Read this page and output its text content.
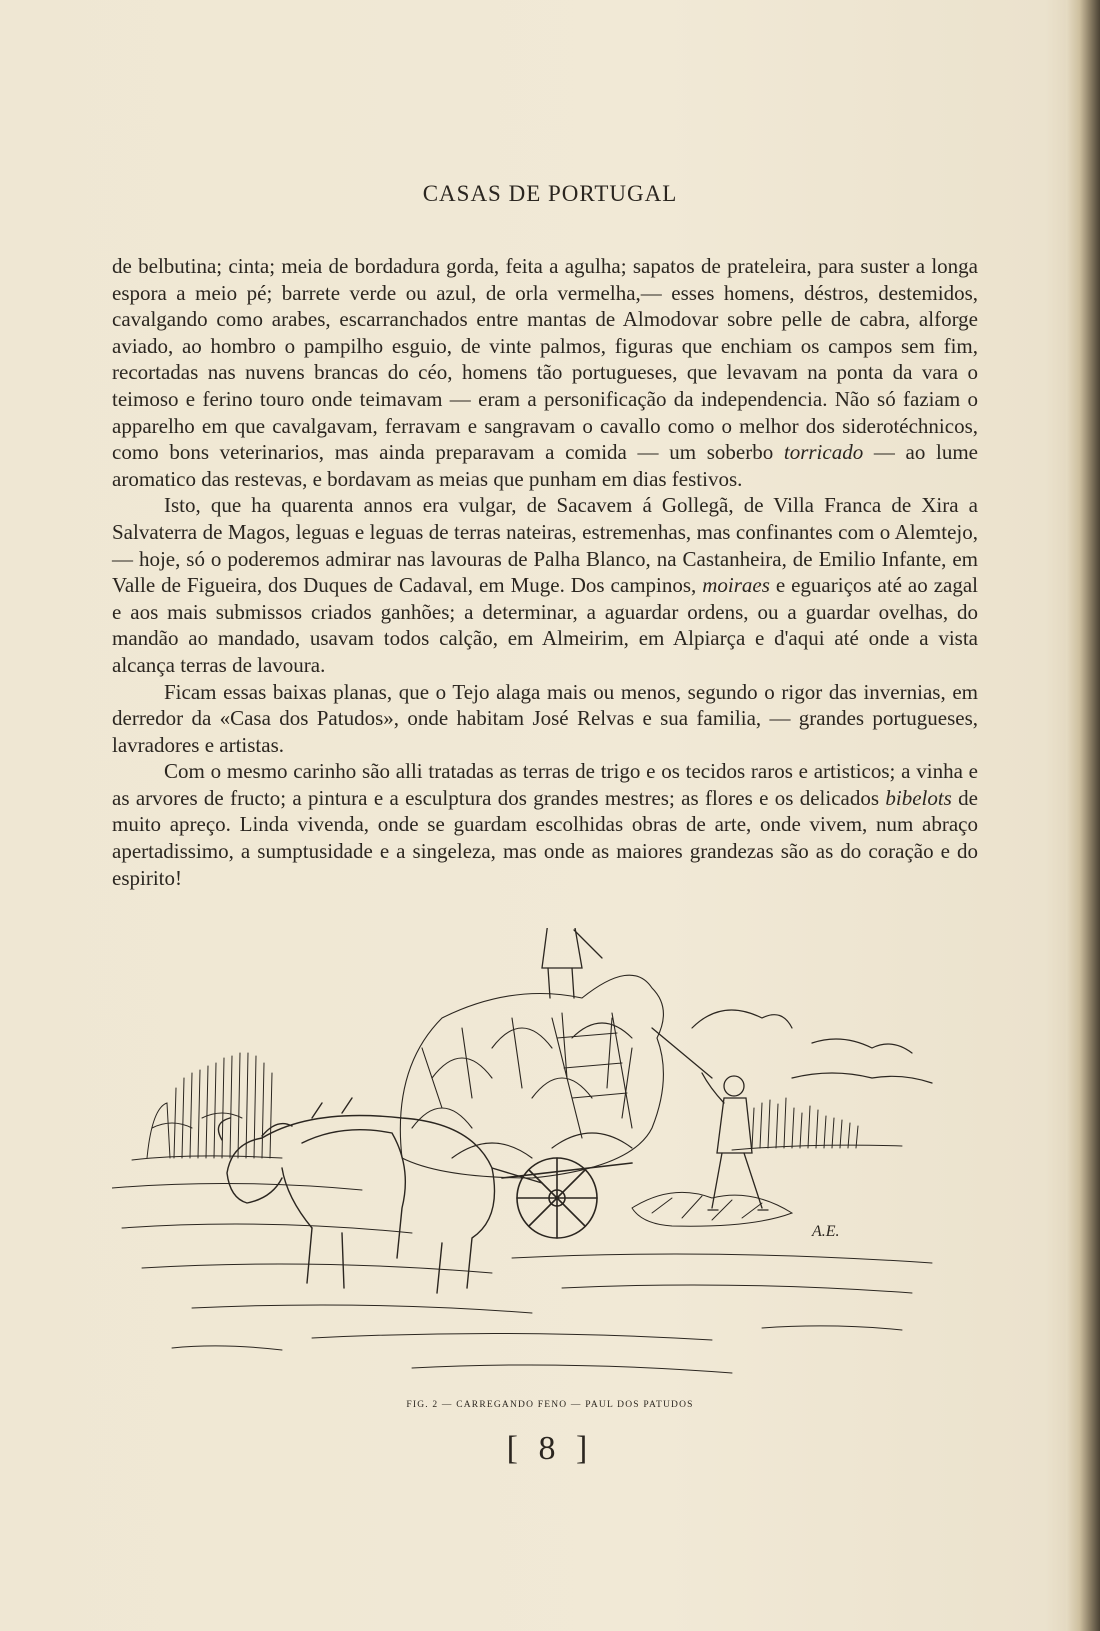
CASAS DE PORTUGAL

de belbutina; cinta; meia de bordadura gorda, feita a agulha; sapatos de prateleira, para suster a longa espora a meio pé; barrete verde ou azul, de orla vermelha,— esses homens, déstros, destemidos, cavalgando como arabes, escarranchados entre mantas de Almodovar sobre pelle de cabra, alforge aviado, ao hombro o pampilho esguio, de vinte palmos, figuras que enchiam os campos sem fim, recortadas nas nuvens brancas do céo, homens tão portugueses, que levavam na ponta da vara o teimoso e ferino touro onde teimavam — eram a personificação da independencia. Não só faziam o apparelho em que cavalgavam, ferravam e sangravam o cavallo como o melhor dos siderotéchnicos, como bons veterinarios, mas ainda preparavam a comida — um soberbo torricado — ao lume aromatico das restevas, e bordavam as meias que punham em dias festivos.

Isto, que ha quarenta annos era vulgar, de Sacavem á Gollegã, de Villa Franca de Xira a Salvaterra de Magos, leguas e leguas de terras nateiras, estremenhas, mas confinantes com o Alemtejo, — hoje, só o poderemos admirar nas lavouras de Palha Blanco, na Castanheira, de Emilio Infante, em Valle de Figueira, dos Duques de Cadaval, em Muge. Dos campinos, moiraes e eguariços até ao zagal e aos mais submissos criados ganhões; a determinar, a aguardar ordens, ou a guardar ovelhas, do mandão ao mandado, usavam todos calção, em Almeirim, em Alpiarça e d'aqui até onde a vista alcança terras de lavoura.

Ficam essas baixas planas, que o Tejo alaga mais ou menos, segundo o rigor das invernias, em derredor da «Casa dos Patudos», onde habitam José Relvas e sua familia, — grandes portugueses, lavradores e artistas.

Com o mesmo carinho são alli tratadas as terras de trigo e os tecidos raros e artisticos; a vinha e as arvores de fructo; a pintura e a esculptura dos grandes mestres; as flores e os delicados bibelots de muito apreço. Linda vivenda, onde se guardam escolhidas obras de arte, onde vivem, num abraço apertadissimo, a sumptusidade e a singeleza, mas onde as maiores grandezas são as do coração e do espirito!

A.E.
FIG. 2 — CARREGANDO FENO — PAUL DOS PATUDOS
[ 8 ]
